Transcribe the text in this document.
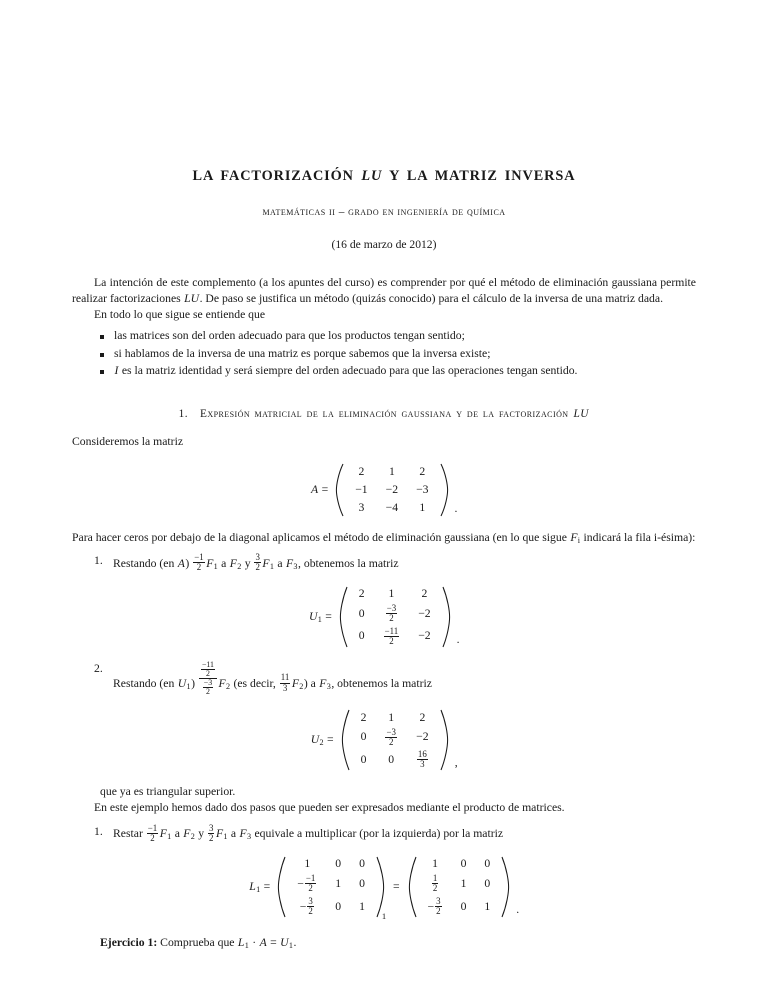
LA FACTORIZACIÓN LU Y LA MATRIZ INVERSA
matemáticas ii – grado en ingeniería de química
(16 de marzo de 2012)

La intención de este complemento (a los apuntes del curso) es comprender por qué el método de eliminación gaussiana permite realizar factorizaciones LU. De paso se justifica un método (quizás conocido) para el cálculo de la inversa de una matriz dada.

En todo lo que sigue se entiende que

las matrices son del orden adecuado para que los productos tengan sentido;
si hablamos de la inversa de una matriz es porque sabemos que la inversa existe;
I es la matriz identidad y será siempre del orden adecuado para que las operaciones tengan sentido.
1. Expresión matricial de la eliminación gaussiana y de la factorización LU

Consideremos la matriz

A =
2	1	2
−1	−2	−3
3	−4	1	.

Para hacer ceros por debajo de la diagonal aplicamos el método de eliminación gaussiana (en lo que sigue $F_i$ indicará la fila i-ésima):

Restando (en $A) \frac{-1}{2} F_1$ a $F_2$ y $\frac{3}{2} F_1$ a $F_3$, obtenemos la matriz
$U_1$ =
2	1	2
0	$\frac{-3}{2}$	−2
0	$\frac{-11}{2}$	−2 .
Restando (en $U_1) \frac{\frac{-11}{2}}{\frac{-3}{2}} F_2$ (es decir, $\frac{11}{3} F_2$) a $F_3$, obtenemos la matriz
$U_2$ =
2	1	2
0	$\frac{-3}{2}$	−2
0	0	$\frac{16}{3}$ ,

que ya es triangular superior.

En este ejemplo hemos dado dos pasos que pueden ser expresados mediante el producto de matrices.

Restar $\frac{-1}{2} F_1$ a $F_2$ y $\frac{3}{2} F_1$ a $F_3$ equivale a multiplicar (por la izquierda) por la matriz
$L_1$ =
1	0	0
− $\frac{-1}{2}$	1	0
− $\frac{3}{2}$	0	1
=
1	0	0

$\frac{1}{2}$	1	0
− $\frac{3}{2}$	0	1 .
Ejercicio 1: Comprueba que $L_1 \cdot A = U_1$.
1
